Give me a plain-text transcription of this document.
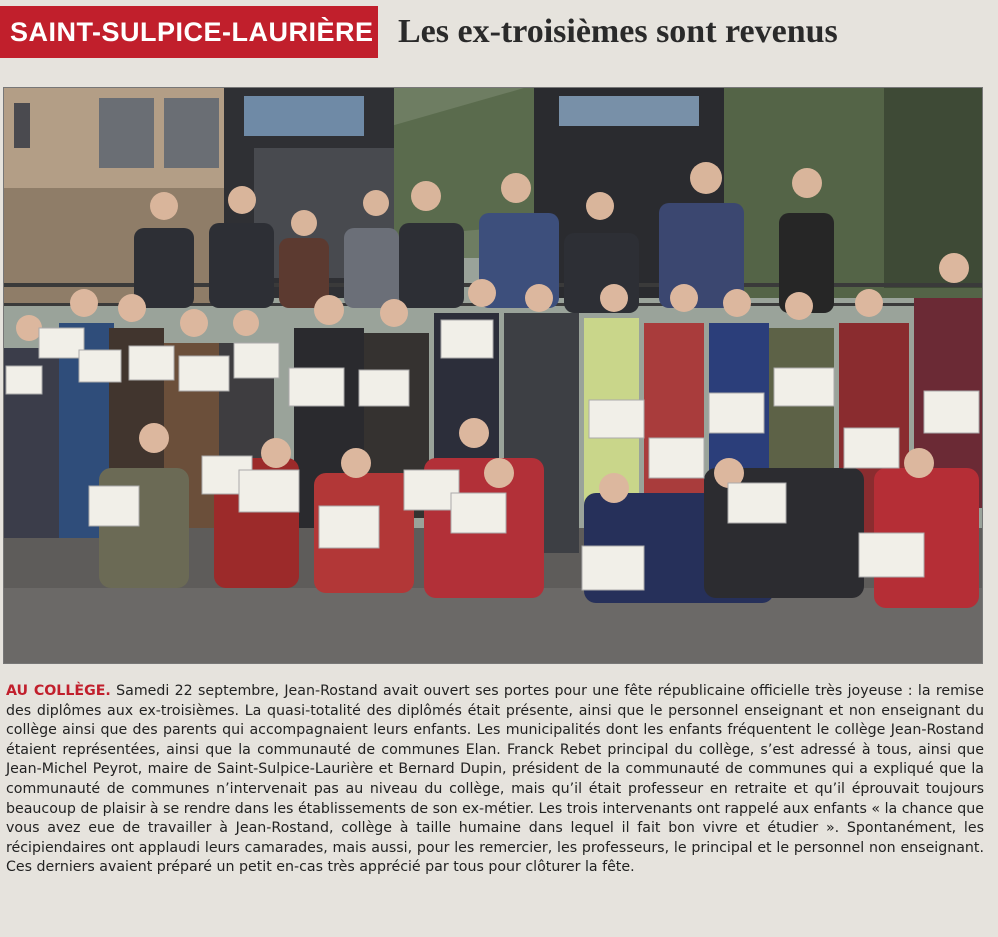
SAINT-SULPICE-LAURIÈRE Les ex-troisièmes sont revenus
AU COLLÈGE. Samedi 22 septembre, Jean-Rostand avait ouvert ses portes pour une fête républicaine officielle très joyeuse : la remise des diplômes aux ex-troisièmes. La quasi-totalité des diplômés était présente, ainsi que le personnel enseignant et non enseignant du collège ainsi que des parents qui accompagnaient leurs enfants. Les municipalités dont les enfants fréquentent le collège Jean-Rostand étaient représentées, ainsi que la communauté de communes Elan. Franck Rebet principal du collège, s’est adressé à tous, ainsi que Jean-Michel Peyrot, maire de Saint-Sulpice-Laurière et Bernard Dupin, président de la communauté de communes qui a expliqué que la communauté de communes n’intervenait pas au niveau du collège, mais qu’il était professeur en retraite et qu’il éprouvait toujours beaucoup de plaisir à se rendre dans les établissements de son ex-métier. Les trois intervenants ont rappelé aux enfants « la chance que vous avez eue de travailler à Jean-Rostand, collège à taille humaine dans lequel il fait bon vivre et étudier ». Spontanément, les récipiendaires ont applaudi leurs camarades, mais aussi, pour les remercier, les professeurs, le principal et le personnel non enseignant. Ces derniers avaient préparé un petit en-cas très apprécié par tous pour clôturer la fête.
